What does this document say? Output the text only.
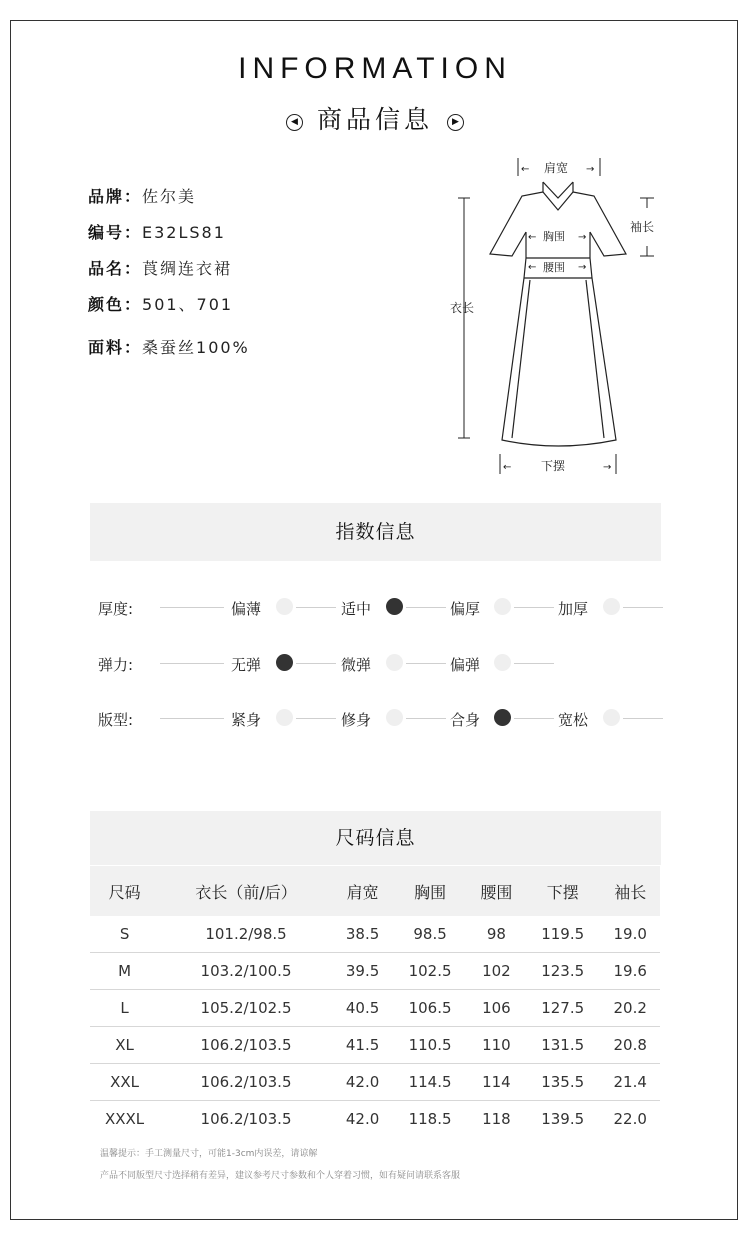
INFORMATION
◀ 商品信息 ▶
品牌：佐尔美
编号：E32LS81
品名：莨绸连衣裙
颜色：501、701
面料：桑蚕丝100%
←	→
←	→
←	→
←	→
肩宽
袖长
胸围
腰围
衣长
下摆
指数信息
厚度:	偏薄	适中	偏厚	加厚
弹力:	无弹	微弹	偏弹
版型:	紧身	修身	合身	宽松
尺码信息
尺码	衣长（前/后）	肩宽	胸围	腰围	下摆	袖长
S	101.2/98.5	38.5	98.5	98	119.5	19.0
M	103.2/100.5	39.5	102.5	102	123.5	19.6
L	105.2/102.5	40.5	106.5	106	127.5	20.2
XL	106.2/103.5	41.5	110.5	110	131.5	20.8
XXL	106.2/103.5	42.0	114.5	114	135.5	21.4
XXXL	106.2/103.5	42.0	118.5	118	139.5	22.0
温馨提示：手工测量尺寸，可能1-3cm内误差，请谅解
产品不同版型尺寸选择稍有差异，建议参考尺寸参数和个人穿着习惯，如有疑问请联系客服
